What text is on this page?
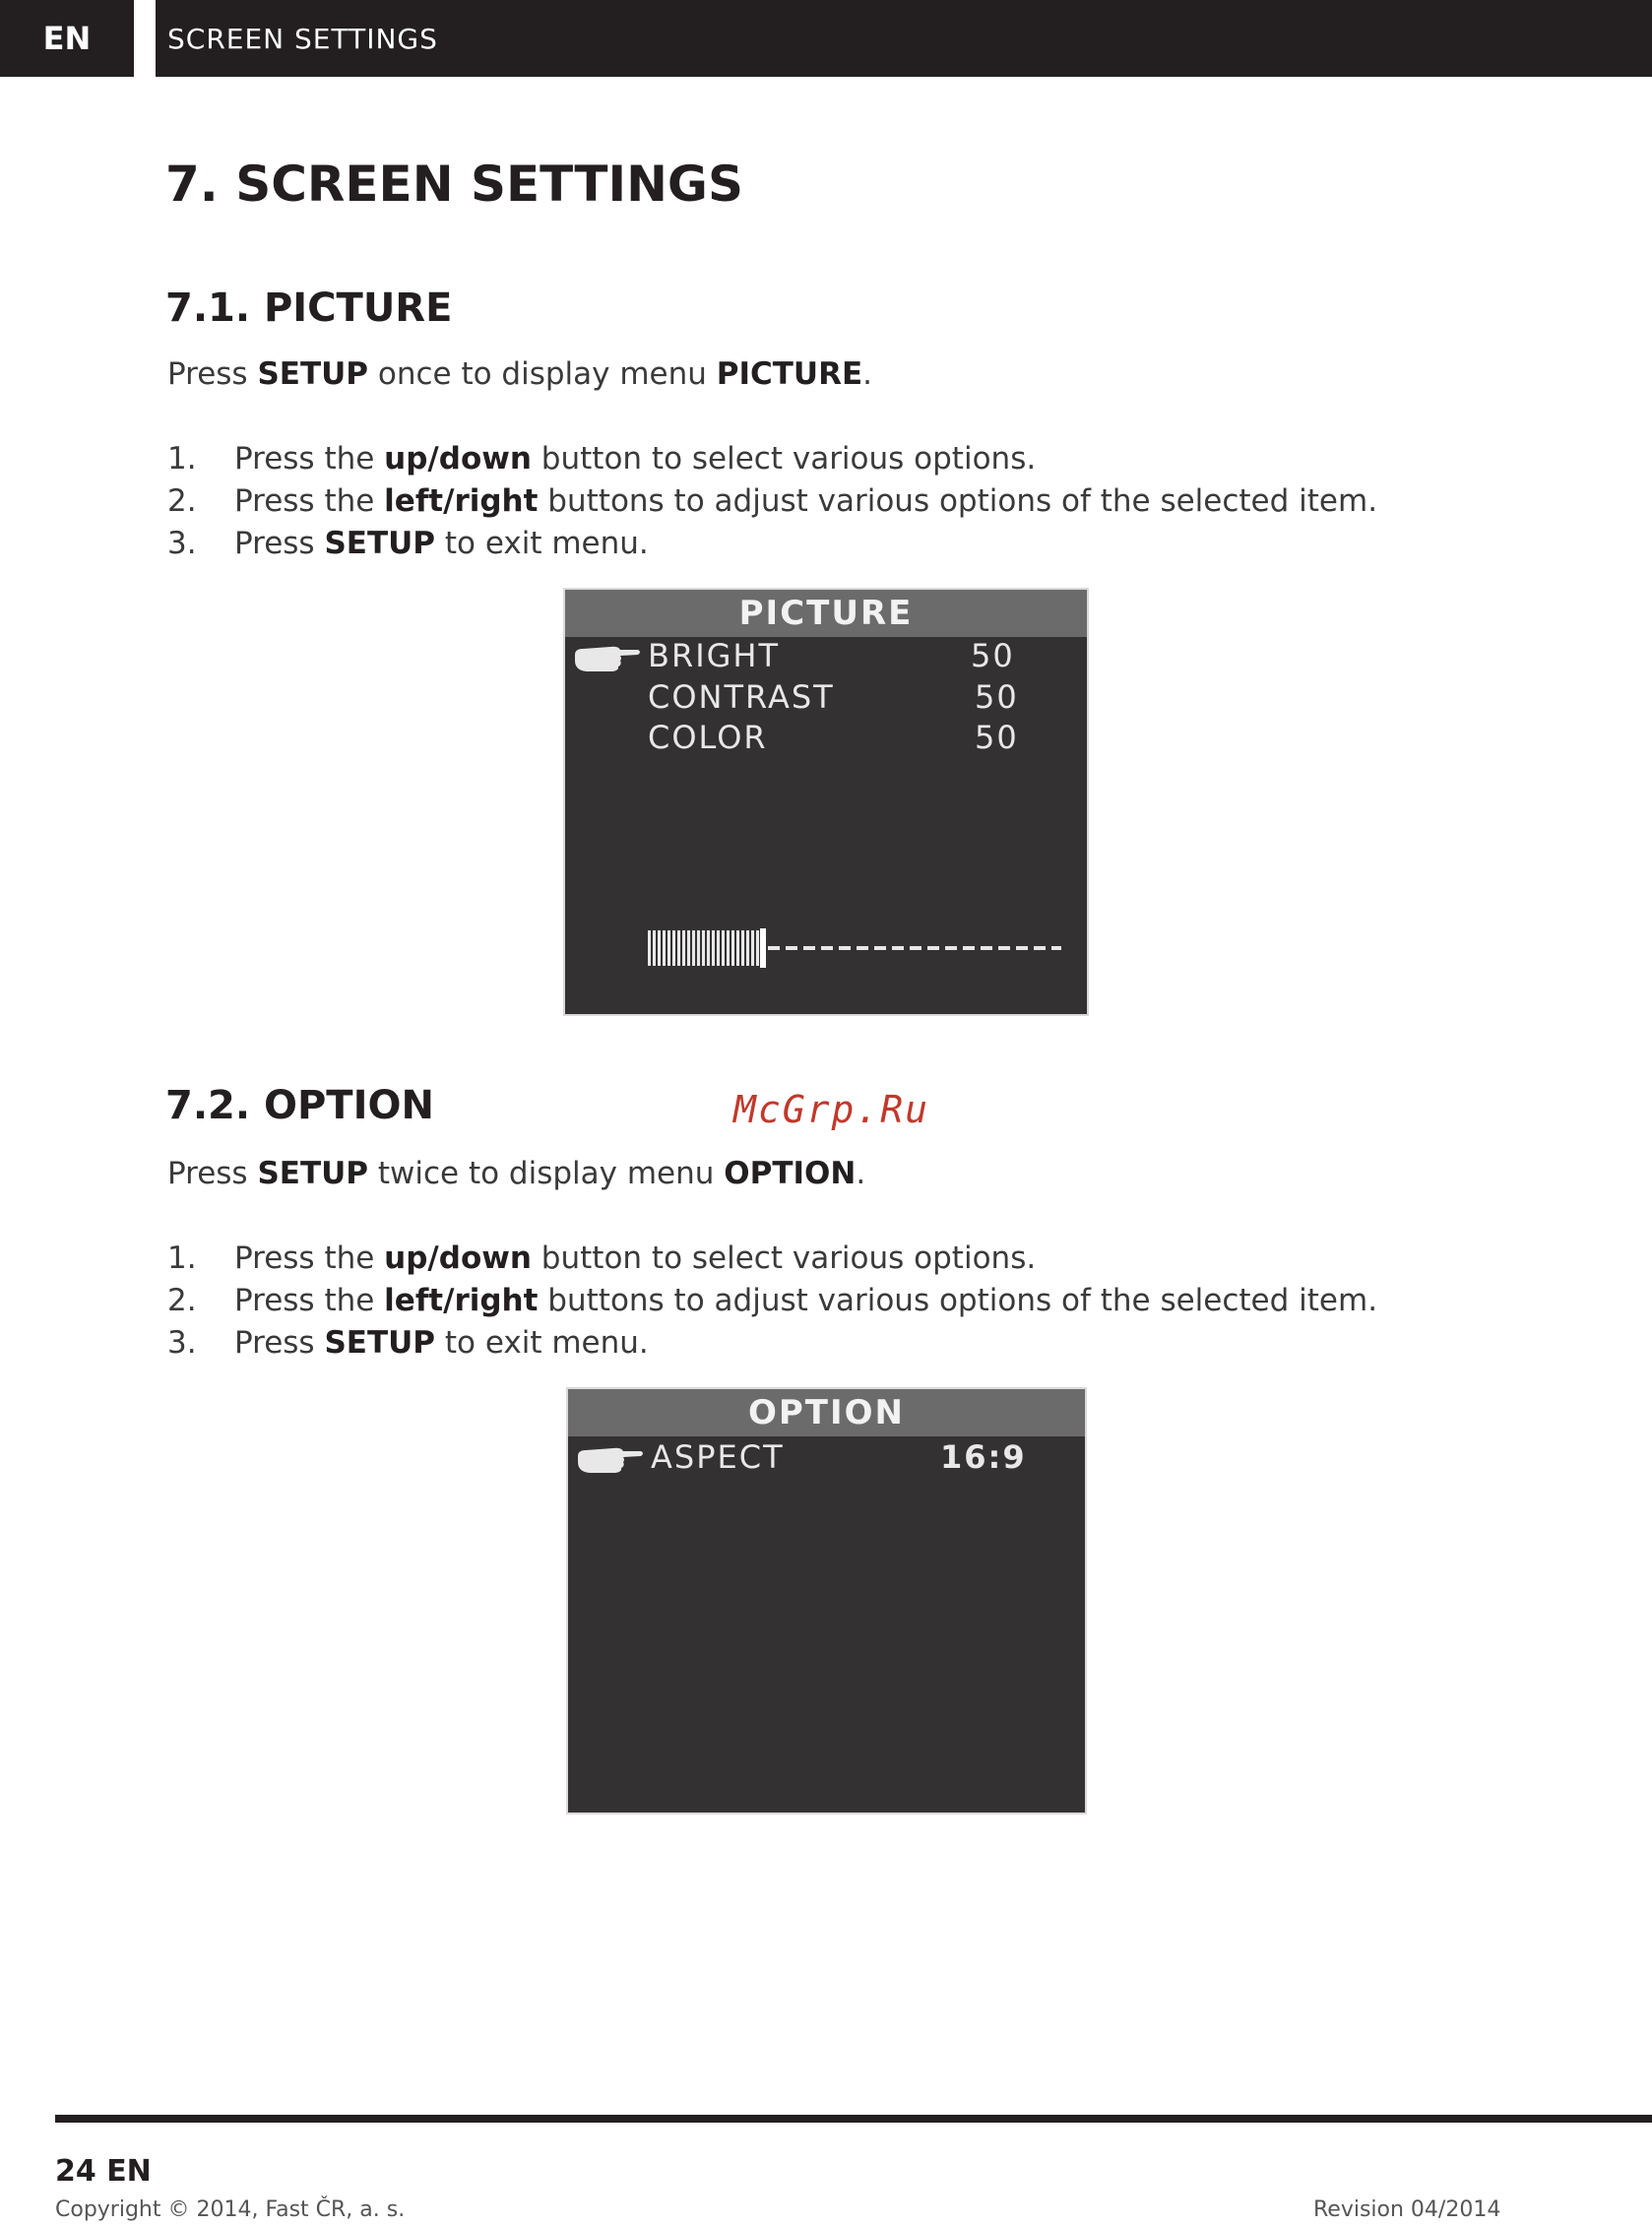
EN	SCREEN SETTINGS
7. SCREEN SETTINGS
7.1. PICTURE

Press SETUP once to display menu PICTURE.

1.	Press the up/down button to select various options.
2.	Press the left/right buttons to adjust various options of the selected item.
3.	Press SETUP to exit menu.
PICTURE
BRIGHT	50
CONTRAST	50
COLOR	50
7.2. OPTION	McGrp.Ru

Press SETUP twice to display menu OPTION.

1.	Press the up/down button to select various options.
2.	Press the left/right buttons to adjust various options of the selected item.
3.	Press SETUP to exit menu.
OPTION
ASPECT	16:9
24 EN
Copyright © 2014, Fast ČR, a. s.	Revision 04/2014
